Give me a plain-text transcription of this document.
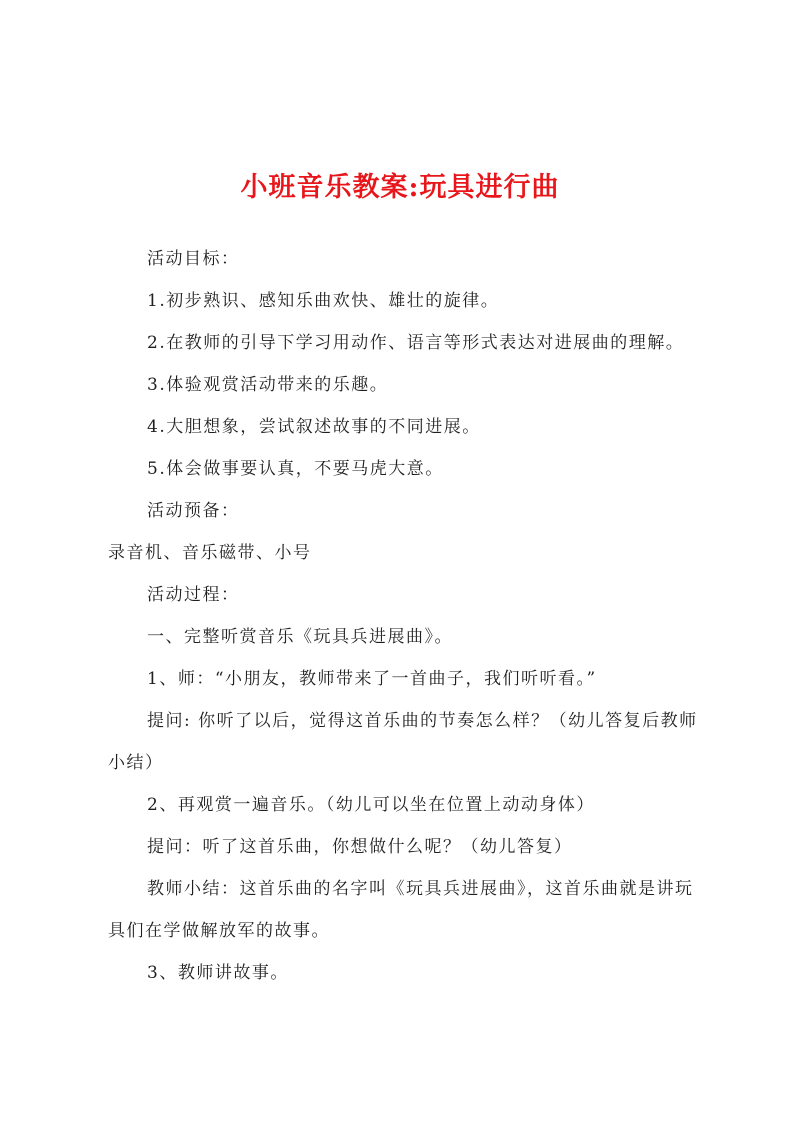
小班音乐教案:玩具进行曲
活动目标：
1.初步熟识、感知乐曲欢快、雄壮的旋律。
2.在教师的引导下学习用动作、语言等形式表达对进展曲的理解。
3.体验观赏活动带来的乐趣。
4.大胆想象，尝试叙述故事的不同进展。
5.体会做事要认真，不要马虎大意。
活动预备：
录音机、音乐磁带、小号
活动过程：
一、完整听赏音乐《玩具兵进展曲》。
1、师：“小朋友，教师带来了一首曲子，我们听听看。”
提问: 你听了以后，觉得这首乐曲的节奏怎么样？（幼儿答复后教师
小结）
2、再观赏一遍音乐。（幼儿可以坐在位置上动动身体）
提问：听了这首乐曲，你想做什么呢？（幼儿答复）
教师小结：这首乐曲的名字叫《玩具兵进展曲》，这首乐曲就是讲玩
具们在学做解放军的故事。
3、教师讲故事。
